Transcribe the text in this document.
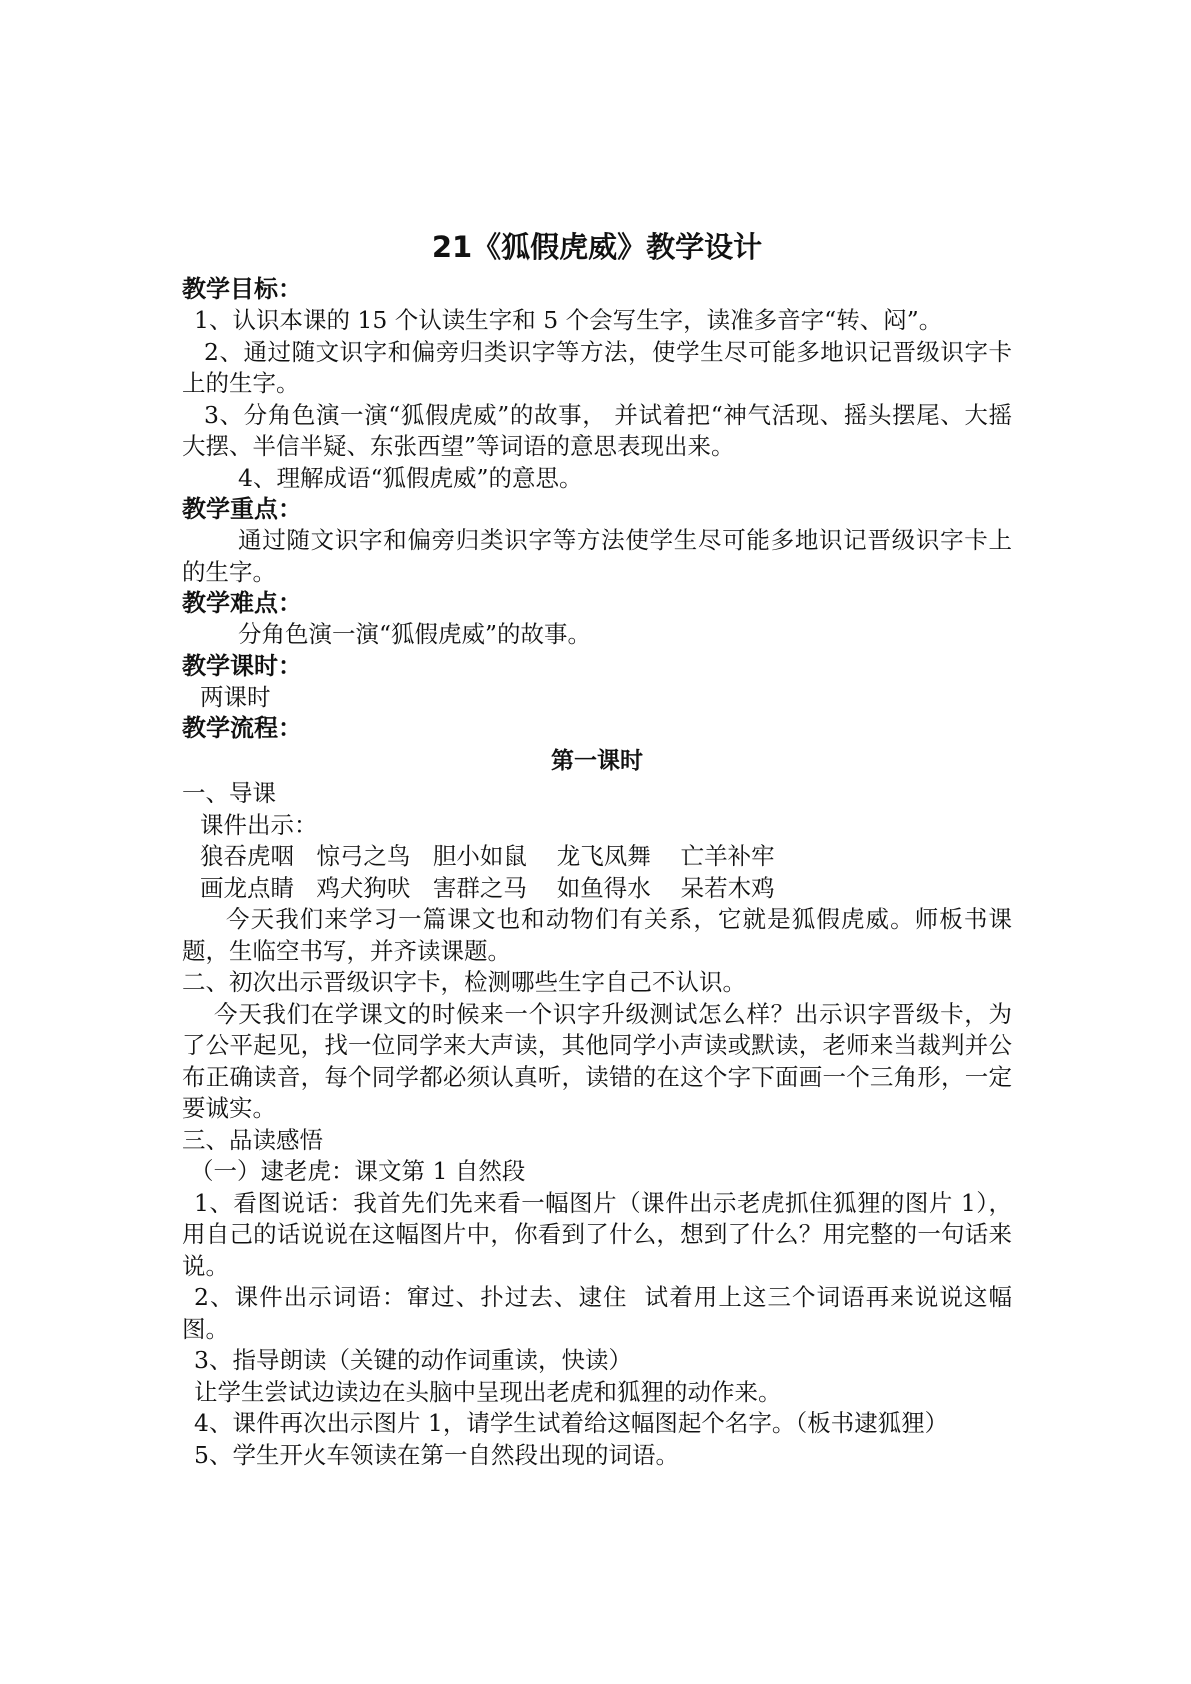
21《狐假虎威》教学设计

教学目标：

1、认识本课的 15 个认读生字和 5 个会写生字，读准多音字“转、闷”。

2、通过随文识字和偏旁归类识字等方法，使学生尽可能多地识记晋级识字卡上的生字。

3、分角色演一演“狐假虎威”的故事， 并试着把“神气活现、摇头摆尾、大摇大摆、半信半疑、东张西望”等词语的意思表现出来。

4、理解成语“狐假虎威”的意思。

教学重点：

通过随文识字和偏旁归类识字等方法使学生尽可能多地识记晋级识字卡上的生字。

教学难点：

分角色演一演“狐假虎威”的故事。

教学课时：

两课时

教学流程：

第一课时

一、导课

课件出示：

狼吞虎咽   惊弓之鸟   胆小如鼠    龙飞凤舞    亡羊补牢

画龙点睛   鸡犬狗吠   害群之马    如鱼得水    呆若木鸡

今天我们来学习一篇课文也和动物们有关系，它就是狐假虎威。师板书课题，生临空书写，并齐读课题。

二、初次出示晋级识字卡，检测哪些生字自己不认识。

今天我们在学课文的时候来一个识字升级测试怎么样？出示识字晋级卡，为了公平起见，找一位同学来大声读，其他同学小声读或默读，老师来当裁判并公布正确读音，每个同学都必须认真听，读错的在这个字下面画一个三角形，一定要诚实。

三、品读感悟

（一）逮老虎：课文第 1 自然段

1、看图说话：我首先们先来看一幅图片（课件出示老虎抓住狐狸的图片 1），用自己的话说说在这幅图片中，你看到了什么，想到了什么？用完整的一句话来说。

2、课件出示词语：窜过、扑过去、逮住  试着用上这三个词语再来说说这幅图。

3、指导朗读（关键的动作词重读，快读）

让学生尝试边读边在头脑中呈现出老虎和狐狸的动作来。

4、课件再次出示图片 1，请学生试着给这幅图起个名字。（板书逮狐狸）

5、学生开火车领读在第一自然段出现的词语。
